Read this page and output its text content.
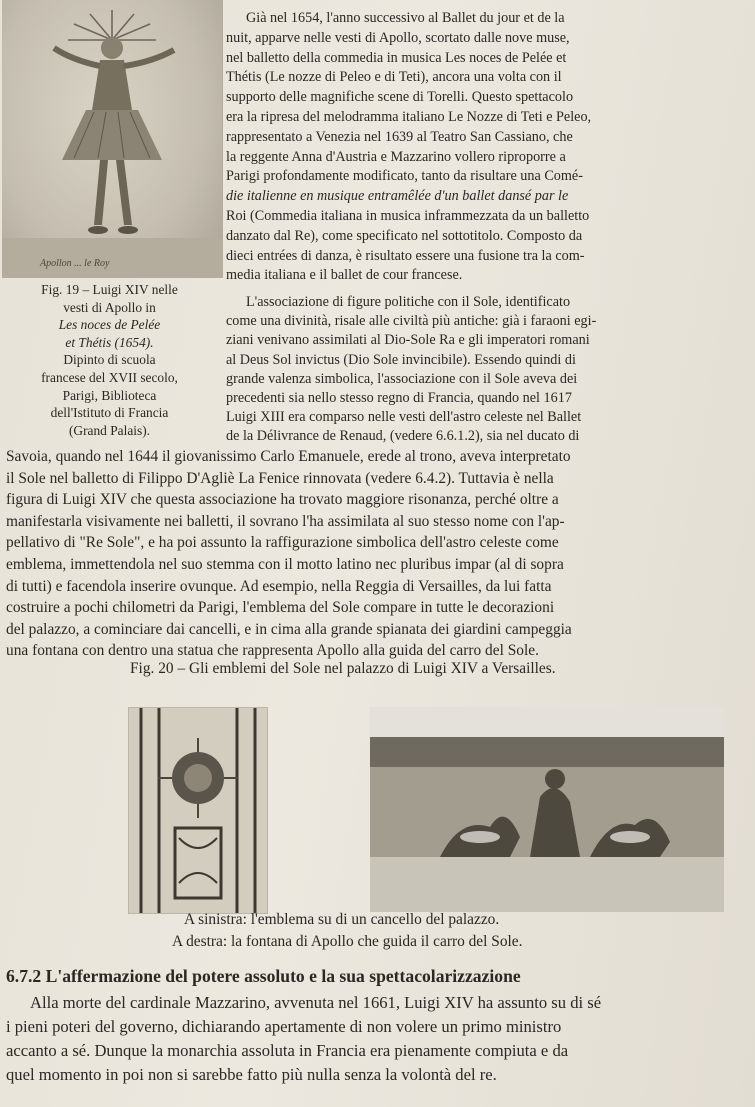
Apollon ... le Roy
Fig. 19 – Luigi XIV nelle
vesti di Apollo in
Les noces de Pelée
et Thétis (1654).
Dipinto di scuola
francese del XVII secolo,
Parigi, Biblioteca
dell'Istituto di Francia
(Grand Palais).
Già nel 1654, l'anno successivo al Ballet du jour et de la
nuit, apparve nelle vesti di Apollo, scortato dalle nove muse,
nel balletto della commedia in musica Les noces de Pelée et
Thétis (Le nozze di Peleo e di Teti), ancora una volta con il
supporto delle magnifiche scene di Torelli. Questo spettacolo
era la ripresa del melodramma italiano Le Nozze di Teti e Peleo,
rappresentato a Venezia nel 1639 al Teatro San Cassiano, che
la reggente Anna d'Austria e Mazzarino vollero riproporre a
Parigi profondamente modificato, tanto da risultare una Comé-
die italienne en musique entramêlée d'un ballet dansé par le
Roi (Commedia italiana in musica inframmezzata da un balletto
danzato dal Re), come specificato nel sottotitolo. Composto da
dieci entrées di danza, è risultato essere una fusione tra la com-
media italiana e il ballet de cour francese.
L'associazione di figure politiche con il Sole, identificato
come una divinità, risale alle civiltà più antiche: già i faraoni egi-
ziani venivano assimilati al Dio-Sole Ra e gli imperatori romani
al Deus Sol invictus (Dio Sole invincibile). Essendo quindi di
grande valenza simbolica, l'associazione con il Sole aveva dei
precedenti sia nello stesso regno di Francia, quando nel 1617
Luigi XIII era comparso nelle vesti dell'astro celeste nel Ballet
de la Délivrance de Renaud, (vedere 6.6.1.2), sia nel ducato di
Fig. 20 – Gli emblemi del Sole nel palazzo di Luigi XIV a Versailles.
A sinistra: l'emblema su di un cancello del palazzo.
A destra: la fontana di Apollo che guida il carro del Sole.
6.7.2 L'affermazione del potere assoluto e la sua spettacolarizzazione
Alla morte del cardinale Mazzarino, avvenuta nel 1661, Luigi XIV ha assunto su di sé
i pieni poteri del governo, dichiarando apertamente di non volere un primo ministro
accanto a sé. Dunque la monarchia assoluta in Francia era pienamente compiuta e da
quel momento in poi non si sarebbe fatto più nulla senza la volontà del re.
Savoia, quando nel 1644 il giovanissimo Carlo Emanuele, erede al trono, aveva interpretato
il Sole nel balletto di Filippo D'Agliè La Fenice rinnovata (vedere 6.4.2). Tuttavia è nella
figura di Luigi XIV che questa associazione ha trovato maggiore risonanza, perché oltre a
manifestarla visivamente nei balletti, il sovrano l'ha assimilata al suo stesso nome con l'ap-
pellativo di "Re Sole", e ha poi assunto la raffigurazione simbolica dell'astro celeste come
emblema, immettendola nel suo stemma con il motto latino nec pluribus impar (al di sopra
di tutti) e facendola inserire ovunque. Ad esempio, nella Reggia di Versailles, da lui fatta
costruire a pochi chilometri da Parigi, l'emblema del Sole compare in tutte le decorazioni
del palazzo, a cominciare dai cancelli, e in cima alla grande spianata dei giardini campeggia
una fontana con dentro una statua che rappresenta Apollo alla guida del carro del Sole.
